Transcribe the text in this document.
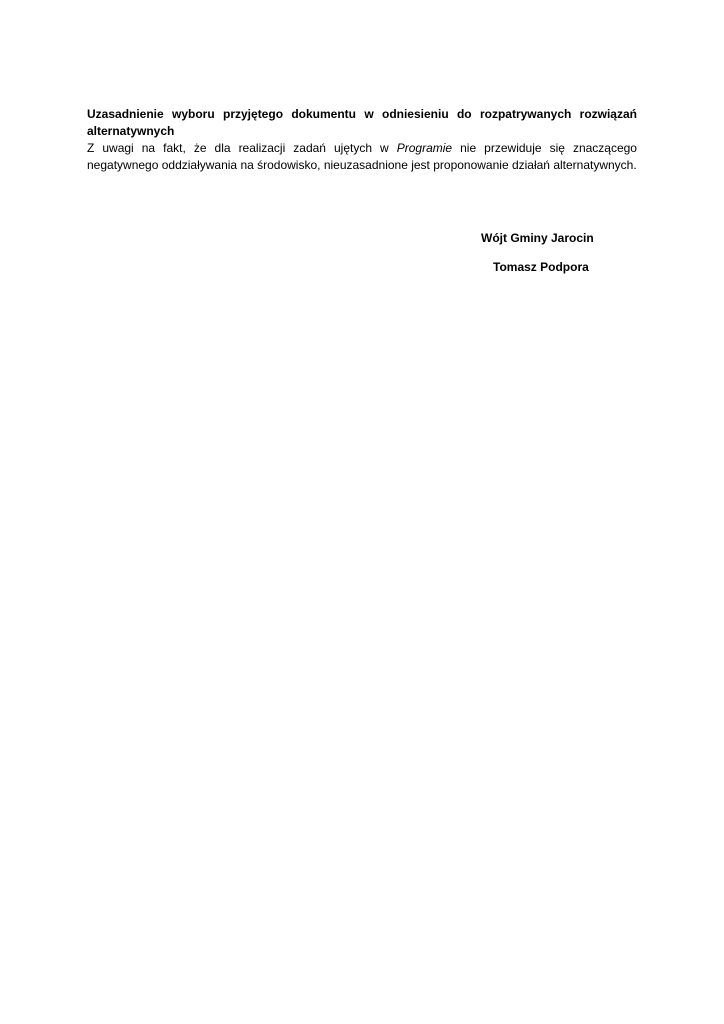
Uzasadnienie wyboru przyjętego dokumentu w odniesieniu do rozpatrywanych rozwiązań alternatywnych

Z uwagi na fakt, że dla realizacji zadań ujętych w Programie nie przewiduje się znaczącego negatywnego oddziaływania na środowisko, nieuzasadnione jest proponowanie działań alternatywnych.

Wójt Gminy Jarocin

Tomasz Podpora
